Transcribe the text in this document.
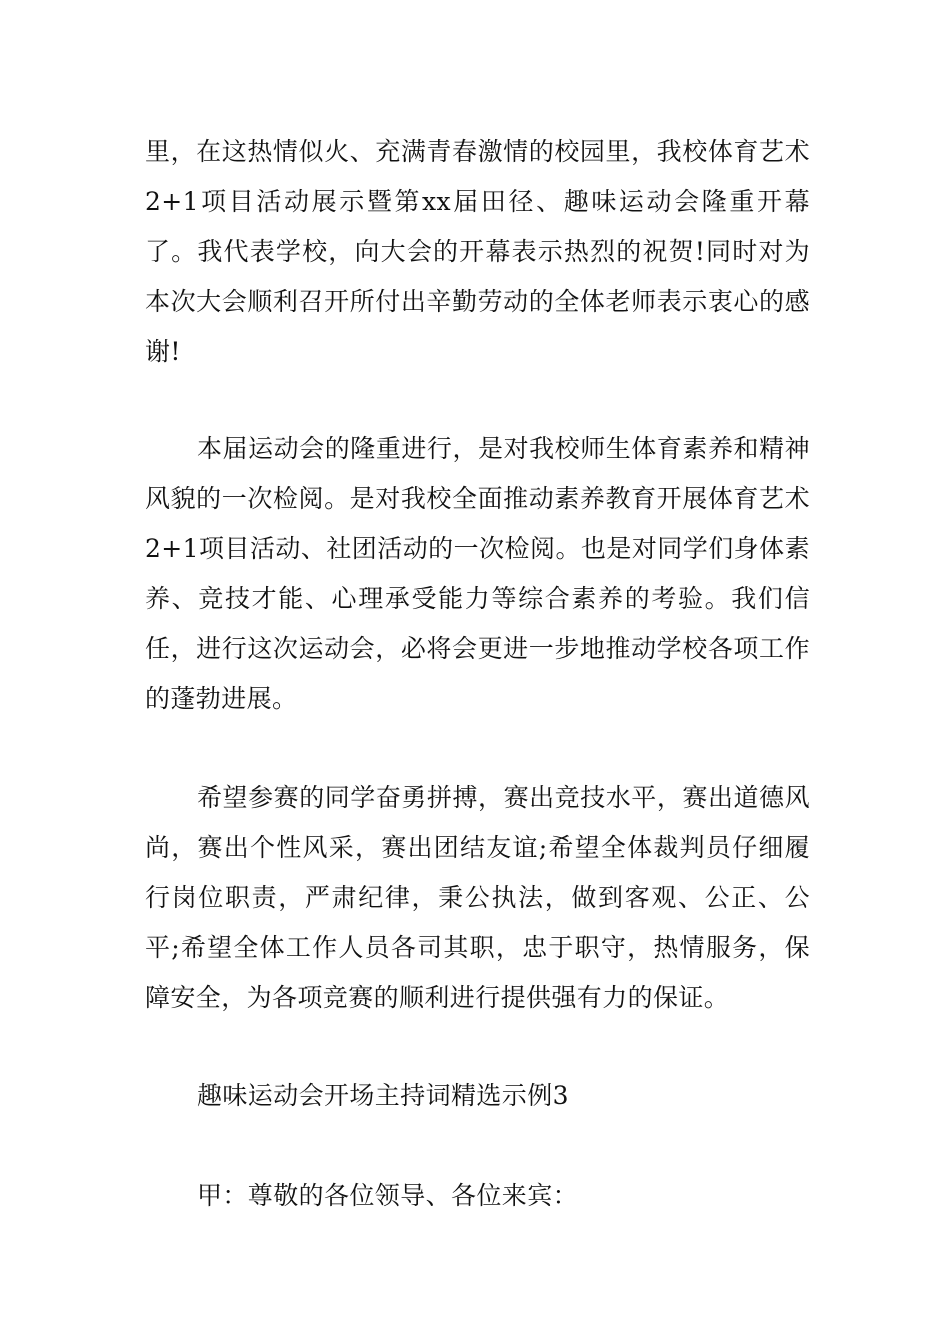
里，在这热情似火、充满青春激情的校园里，我校体育艺术2+1项目活动展示暨第xx届田径、趣味运动会隆重开幕了。我代表学校，向大会的开幕表示热烈的祝贺!同时对为本次大会顺利召开所付出辛勤劳动的全体老师表示衷心的感谢!

本届运动会的隆重进行，是对我校师生体育素养和精神风貌的一次检阅。是对我校全面推动素养教育开展体育艺术2+1项目活动、社团活动的一次检阅。也是对同学们身体素养、竞技才能、心理承受能力等综合素养的考验。我们信任，进行这次运动会，必将会更进一步地推动学校各项工作的蓬勃进展。

希望参赛的同学奋勇拼搏，赛出竞技水平，赛出道德风尚，赛出个性风采，赛出团结友谊;希望全体裁判员仔细履行岗位职责，严肃纪律，秉公执法，做到客观、公正、公平;希望全体工作人员各司其职，忠于职守，热情服务，保障安全，为各项竞赛的顺利进行提供强有力的保证。

趣味运动会开场主持词精选示例3

甲：尊敬的各位领导、各位来宾：
